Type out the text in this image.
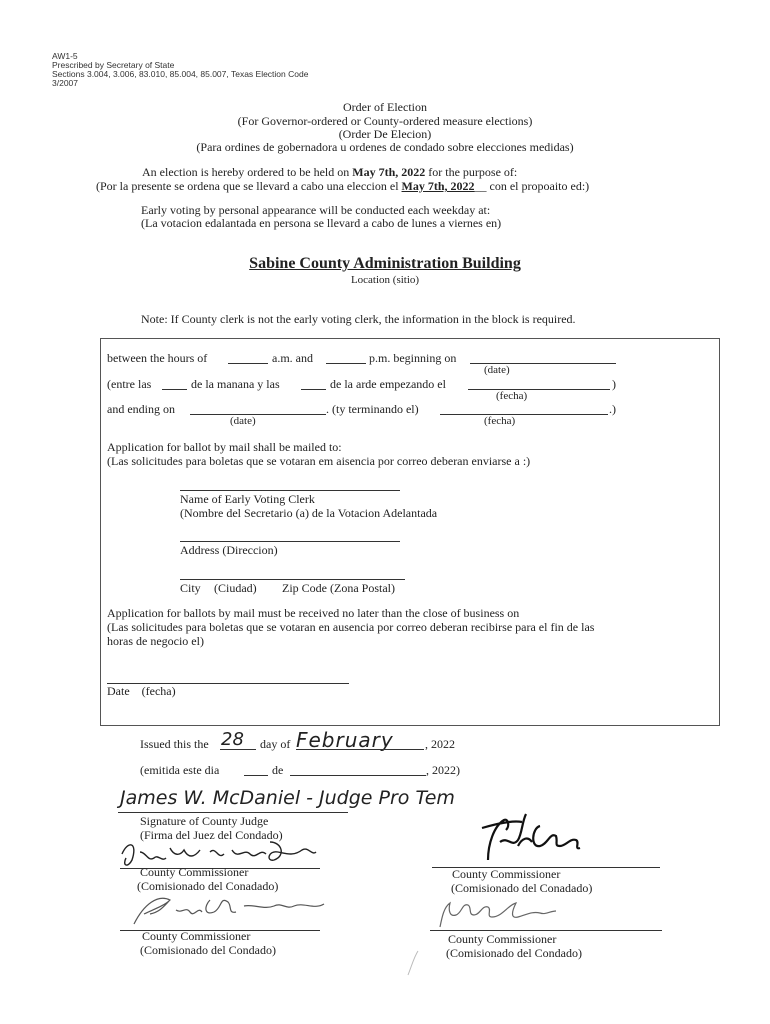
AW1-5
Prescribed by Secretary of State
Sections 3.004, 3.006, 83.010, 85.004, 85.007, Texas Election Code
3/2007
Order of Election
(For Governor-ordered or County-ordered measure elections)
(Order De Elecion)
(Para ordines de gobernadora u ordenes de condado sobre elecciones medidas)
An election is hereby ordered to be held on May 7th, 2022 for the purpose of:
(Por la presente se ordena que se llevard a cabo una eleccion el May 7th, 2022__ con el propoaito ed:)
Early voting by personal appearance will be conducted each weekday at:
(La votacion edalantada en persona se llevard a cabo de lunes a viernes en)
Sabine County Administration Building
Location (sitio)
Note: If County clerk is not the early voting clerk, the information in the block is required.
between the hours of	a.m. and	p.m. beginning on
(date)
(entre las	de la manana y las	de la arde empezando el	)
(fecha)
and ending on	. (ty terminando el)	.)
(date)	(fecha)
Application for ballot by mail shall be mailed to:
(Las solicitudes para boletas que se votaran em aisencia por correo deberan enviarse a :)
Name of Early Voting Clerk
(Nombre del Secretario (a) de la Votacion Adelantada
Address (Direccion)
City (Ciudad) Zip Code (Zona Postal)
Application for ballots by mail must be received no later than the close of business on
(Las solicitudes para boletas que se votaran en ausencia por correo deberan recibirse para el fin de las
horas de negocio el)
Date    (fecha)
Issued this the 28 day of February	, 2022
(emitida este dia	de	, 2022)
James W. McDaniel - Judge Pro Tem
Signature of County Judge
(Firma del Juez del Condado)
County Commissioner
(Comisionado del Conadado)
County Commissioner
(Comisionado del Conadado)
County Commissioner
(Comisionado del Condado)
County Commissioner
(Comisionado del Condado)
